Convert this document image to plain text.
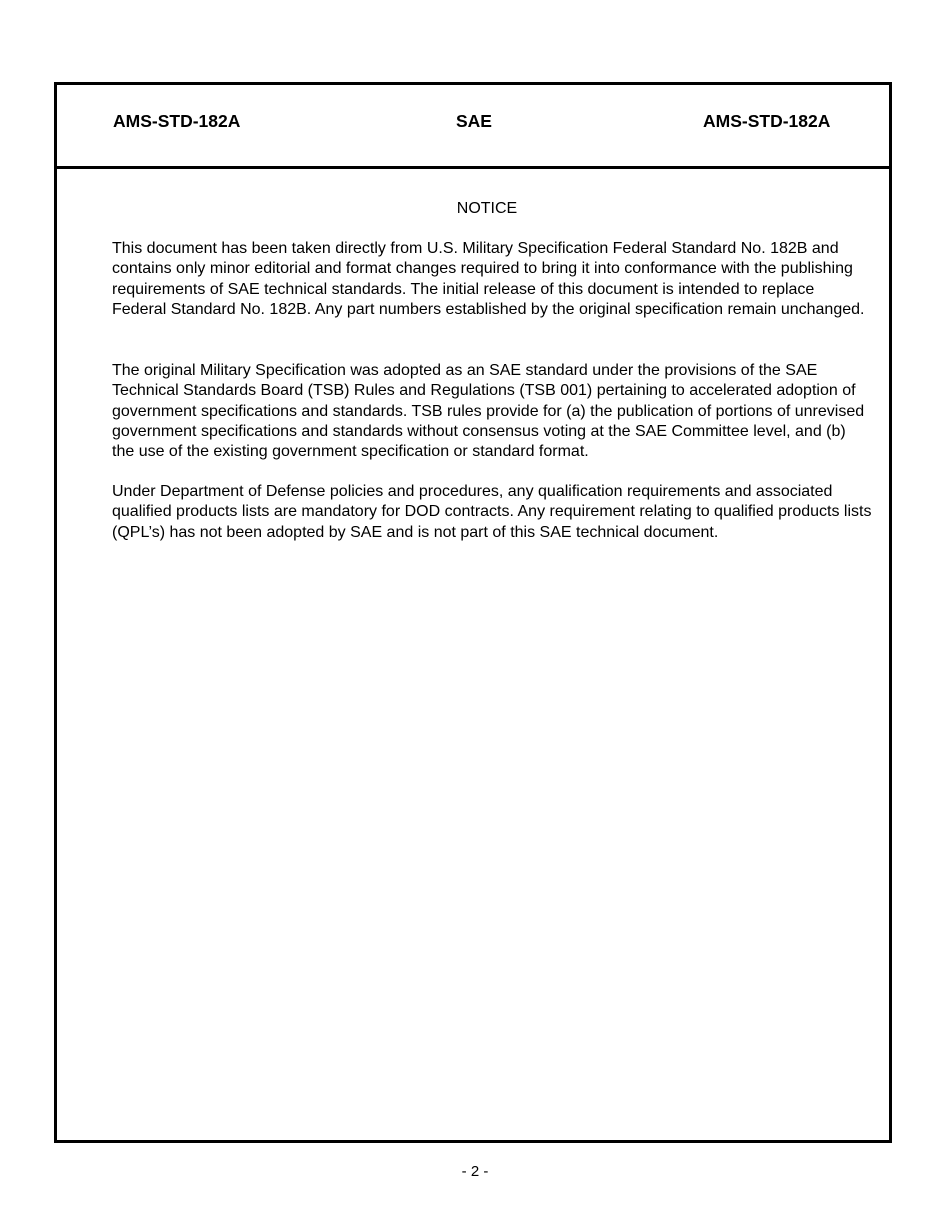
AMS-STD-182A	SAE	AMS-STD-182A
NOTICE

This document has been taken directly from U.S. Military Specification Federal Standard No. 182B and contains only minor editorial and format changes required to bring it into conformance with the publishing requirements of SAE technical standards. The initial release of this document is intended to replace Federal Standard No. 182B. Any part numbers established by the original specification remain unchanged.

The original Military Specification was adopted as an SAE standard under the provisions of the SAE Technical Standards Board (TSB) Rules and Regulations (TSB 001) pertaining to accelerated adoption of government specifications and standards. TSB rules provide for (a) the publication of portions of unrevised government specifications and standards without consensus voting at the SAE Committee level, and (b) the use of the existing government specification or standard format.

Under Department of Defense policies and procedures, any qualification requirements and associated qualified products lists are mandatory for DOD contracts. Any requirement relating to qualified products lists (QPL’s) has not been adopted by SAE and is not part of this SAE technical document.

- 2 -
